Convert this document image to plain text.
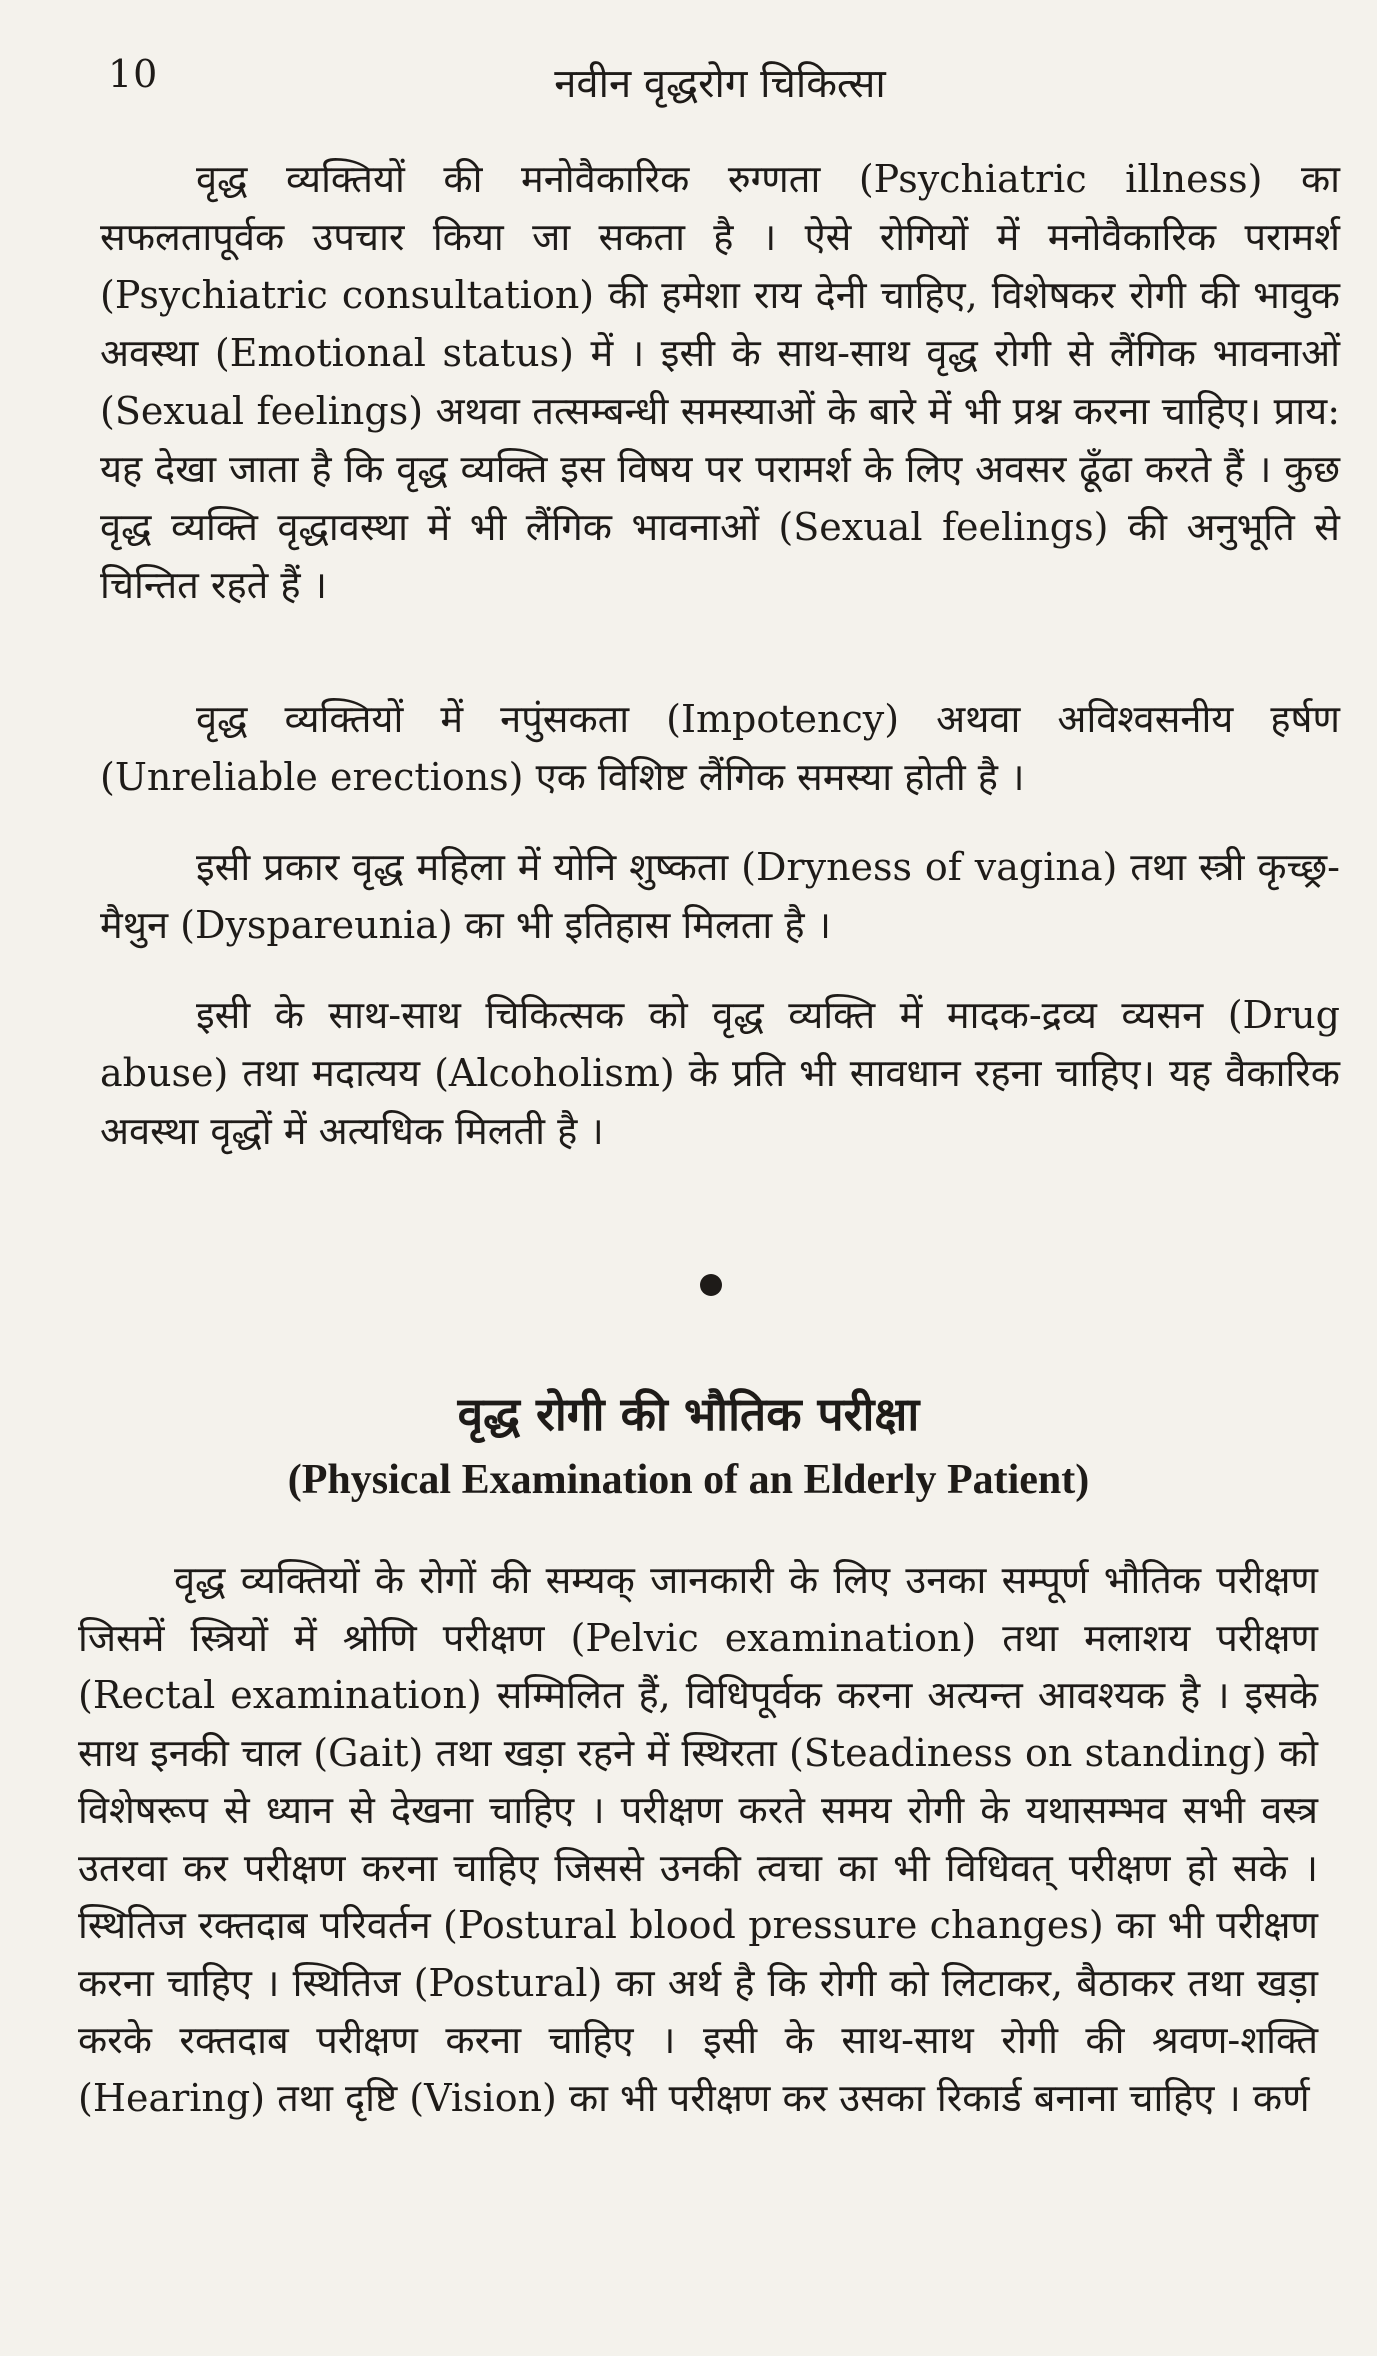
10	नवीन वृद्धरोग चिकित्सा

वृद्ध व्यक्तियों की मनोवैकारिक रुग्णता (Psychiatric illness) का सफलतापूर्वक उपचार किया जा सकता है । ऐसे रोगियों में मनोवैकारिक परामर्श (Psychiatric consultation) की हमेशा राय देनी चाहिए, विशेषकर रोगी की भावुक अवस्था (Emotional status) में । इसी के साथ-साथ वृद्ध रोगी से लैंगिक भावनाओं (Sexual feelings) अथवा तत्सम्बन्धी समस्याओं के बारे में भी प्रश्न करना चाहिए। प्राय: यह देखा जाता है कि वृद्ध व्यक्ति इस विषय पर परामर्श के लिए अवसर ढूँढा करते हैं । कुछ वृद्ध व्यक्ति वृद्धावस्था में भी लैंगिक भावनाओं (Sexual feelings) की अनुभूति से चिन्तित रहते हैं ।

वृद्ध व्यक्तियों में नपुंसकता (Impotency) अथवा अविश्वसनीय हर्षण (Unreliable erections) एक विशिष्ट लैंगिक समस्या होती है ।

इसी प्रकार वृद्ध महिला में योनि शुष्कता (Dryness of vagina) तथा स्त्री कृच्छ्र-मैथुन (Dyspareunia) का भी इतिहास मिलता है ।

इसी के साथ-साथ चिकित्सक को वृद्ध व्यक्ति में मादक-द्रव्य व्यसन (Drug abuse) तथा मदात्यय (Alcoholism) के प्रति भी सावधान रहना चाहिए। यह वैकारिक अवस्था वृद्धों में अत्यधिक मिलती है ।

वृद्ध रोगी की भौतिक परीक्षा
(Physical Examination of an Elderly Patient)

वृद्ध व्यक्तियों के रोगों की सम्यक् जानकारी के लिए उनका सम्पूर्ण भौतिक परीक्षण जिसमें स्त्रियों में श्रोणि परीक्षण (Pelvic examination) तथा मलाशय परीक्षण (Rectal examination) सम्मिलित हैं, विधिपूर्वक करना अत्यन्त आवश्यक है । इसके साथ इनकी चाल (Gait) तथा खड़ा रहने में स्थिरता (Steadiness on standing) को विशेषरूप से ध्यान से देखना चाहिए । परीक्षण करते समय रोगी के यथासम्भव सभी वस्त्र उतरवा कर परीक्षण करना चाहिए जिससे उनकी त्वचा का भी विधिवत् परीक्षण हो सके । स्थितिज रक्तदाब परिवर्तन (Postural blood pressure changes) का भी परीक्षण करना चाहिए । स्थितिज (Postural) का अर्थ है कि रोगी को लिटाकर, बैठाकर तथा खड़ा करके रक्तदाब परीक्षण करना चाहिए । इसी के साथ-साथ रोगी की श्रवण-शक्ति (Hearing) तथा दृष्टि (Vision) का भी परीक्षण कर उसका रिकार्ड बनाना चाहिए । कर्ण
